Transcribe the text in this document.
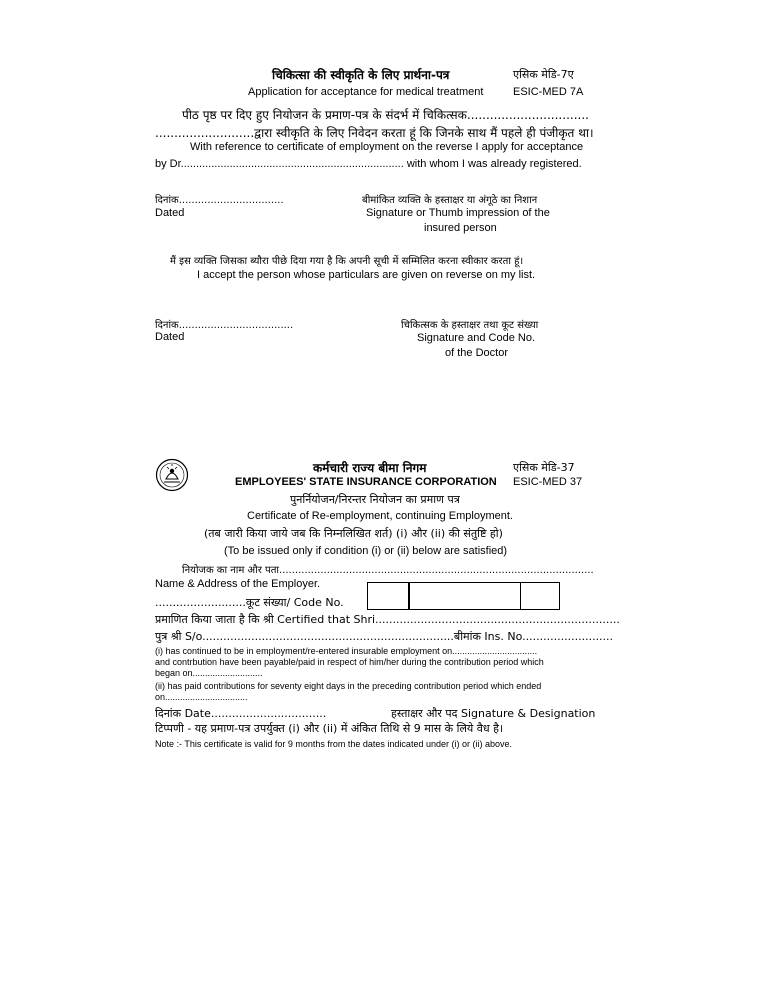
चिकित्सा की स्वीकृति के लिए प्रार्थना-पत्र	एसिक मेडि-7ए
Application for acceptance for medical treatment	ESIC-MED 7A
पीठ पृष्ठ पर दिए हुए नियोजन के प्रमाण-पत्र के संदर्भ में चिकित्सक................................
..........................द्वारा स्वीकृति के लिए निवेदन करता हूं कि जिनके साथ मैं पहले ही पंजीकृत था।
With reference to certificate of employment on the reverse I apply for acceptance
by Dr......................................................................... with whom I was already registered.
दिनांक.................................
Dated
बीमांकित व्यक्ति के हस्ताक्षर या अंगूठे का निशान
Signature or Thumb impression of the
insured person
मैं इस व्यक्ति जिसका ब्यौरा पीछे दिया गया है कि अपनी सूची में सम्मिलित करना स्वीकार करता हूं।
I accept the person whose particulars are given on reverse on my list.
दिनांक....................................
Dated
चिकित्सक के हस्ताक्षर तथा कूट संख्या
Signature and Code No.
of the Doctor
कर्मचारी राज्य बीमा निगम	एसिक मेडि-37
EMPLOYEES' STATE INSURANCE CORPORATION ESIC-MED 37
पुनर्नियोजन/निरन्तर नियोजन का प्रमाण पत्र
Certificate of Re-employment, continuing Employment.
(तब जारी किया जाये जब कि निम्नलिखित शर्त) (i) और (ii) की संतुष्टि हो)
(To be issued only if condition (i) or (ii) below are satisfied)
नियोजक का नाम और पता...................................................................................................
Name & Address of the Employer.
..........................कूट संख्या/ Code No.
प्रमाणित किया जाता है कि श्री Certified that Shri......................................................................
पुत्र श्री S/o........................................................................बीमांक Ins. No..........................
(i) has continued to be in employment/re-entered insurable employment on..................................
and contrbution have been payable/paid in respect of him/her during the contribution period which
began on............................
(ii) has paid contributions for seventy eight days in the preceding contribution period which ended
on.................................
दिनांक Date.................................	हस्ताक्षर और पद Signature & Designation
टिप्पणी - यह प्रमाण-पत्र उपर्युक्त (i) और (ii) में अंकित तिथि से 9 मास के लिये वैध है।
Note :- This certificate is valid for 9 months from the dates indicated under (i) or (ii) above.
